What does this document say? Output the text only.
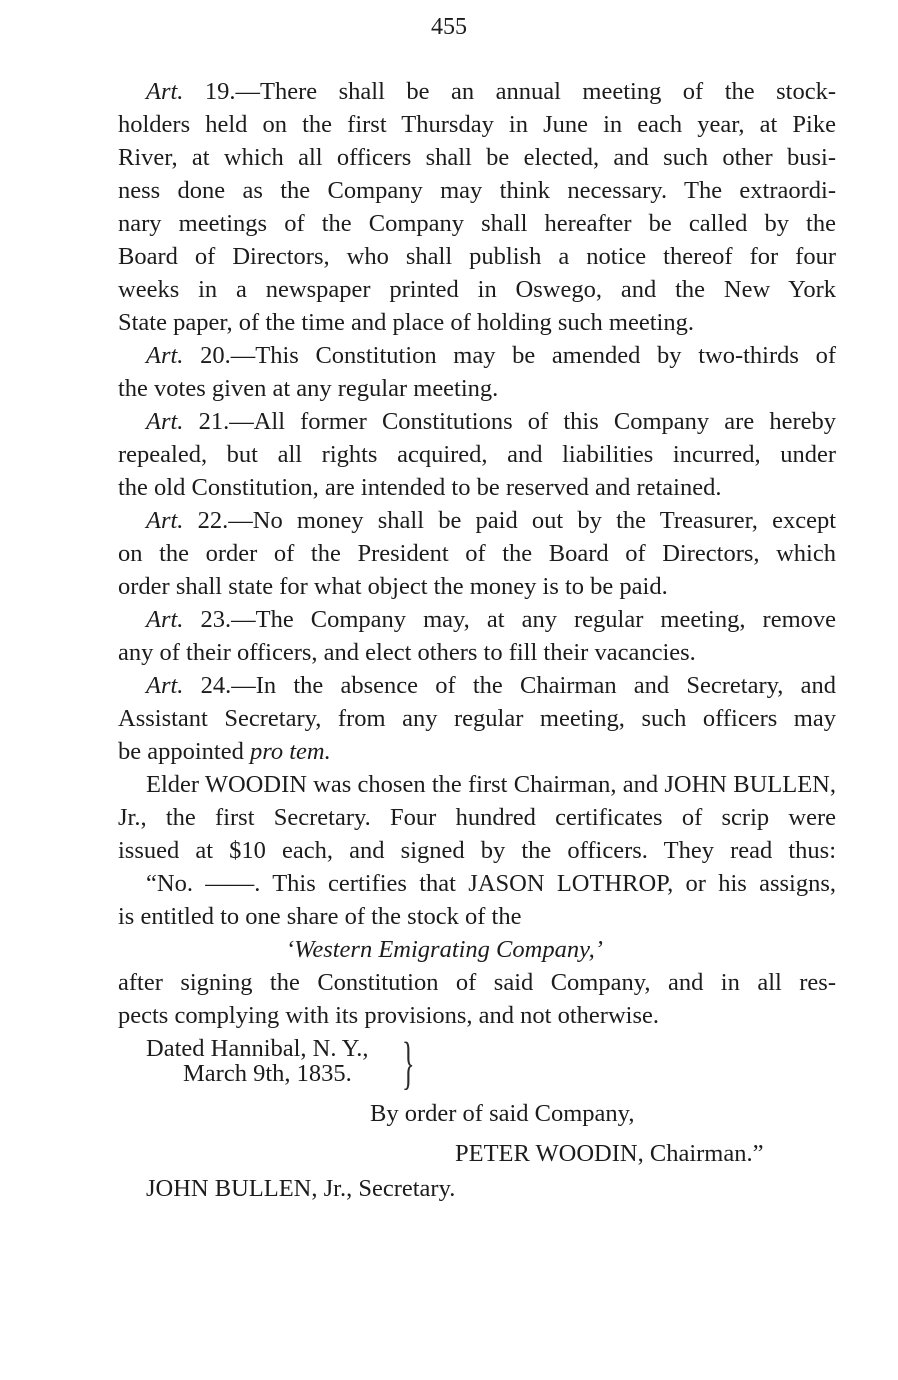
455
Art. 19.—There shall be an annual meeting of the stock-
holders held on the first Thursday in June in each year, at Pike
River, at which all officers shall be elected, and such other busi-
ness done as the Company may think necessary. The extraordi-
nary meetings of the Company shall hereafter be called by the
Board of Directors, who shall publish a notice thereof for four
weeks in a newspaper printed in Oswego, and the New York
State paper, of the time and place of holding such meeting.
Art. 20.—This Constitution may be amended by two-thirds of
the votes given at any regular meeting.
Art. 21.—All former Constitutions of this Company are hereby
repealed, but all rights acquired, and liabilities incurred, under
the old Constitution, are intended to be reserved and retained.
Art. 22.—No money shall be paid out by the Treasurer, except
on the order of the President of the Board of Directors, which
order shall state for what object the money is to be paid.
Art. 23.—The Company may, at any regular meeting, remove
any of their officers, and elect others to fill their vacancies.
Art. 24.—In the absence of the Chairman and Secretary, and
Assistant Secretary, from any regular meeting, such officers may
be appointed pro tem.
Elder WOODIN was chosen the first Chairman, and JOHN BULLEN,
Jr., the first Secretary. Four hundred certificates of scrip were
issued at $10 each, and signed by the officers. They read thus:
“No. ——. This certifies that JASON LOTHROP, or his assigns,
is entitled to one share of the stock of the
‘Western Emigrating Company,’
after signing the Constitution of said Company, and in all res-
pects complying with its provisions, and not otherwise.
Dated Hannibal, N. Y.,
March 9th, 1835. }
By order of said Company,
PETER WOODIN, Chairman.”
JOHN BULLEN, Jr., Secretary.
